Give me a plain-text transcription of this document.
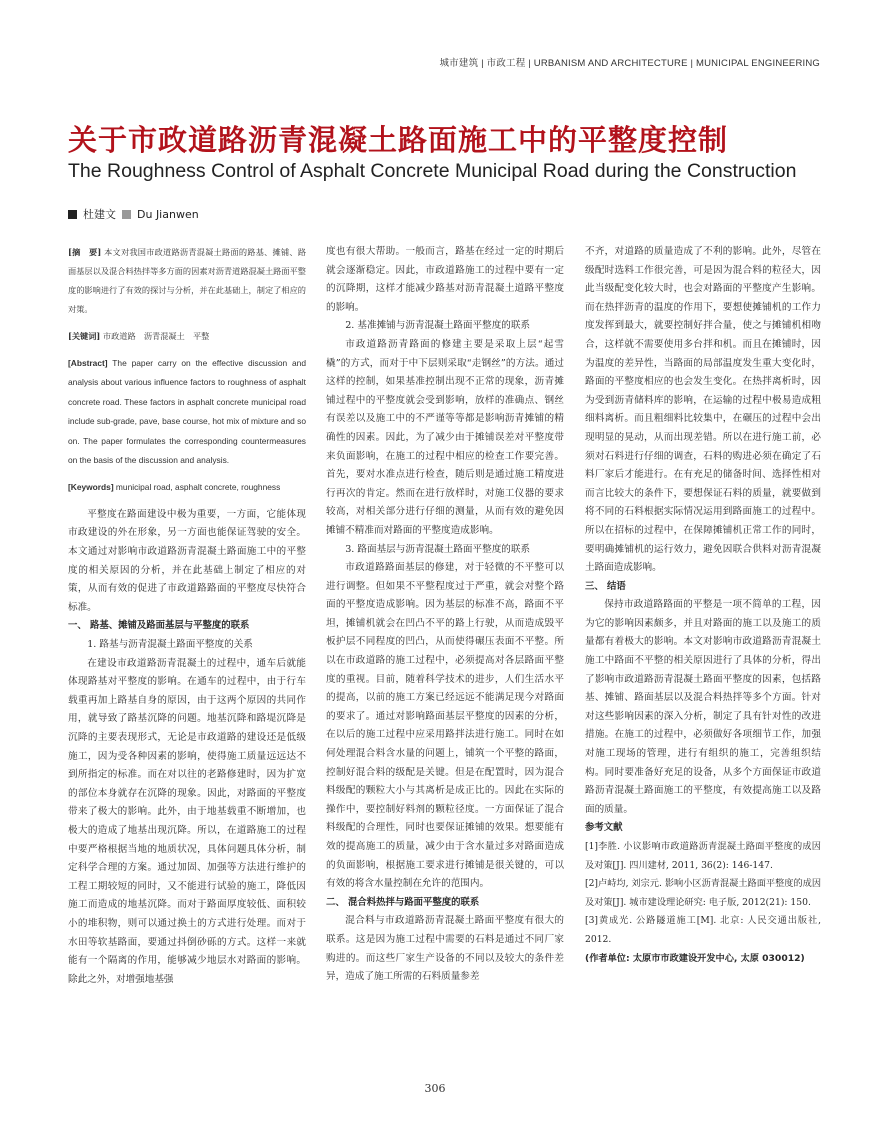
城市建筑 | 市政工程 | URBANISM AND ARCHITECTURE | MUNICIPAL ENGINEERING
关于市政道路沥青混凝土路面施工中的平整度控制
The Roughness Control of Asphalt Concrete Municipal Road during the Construction
杜建文 Du Jianwen

[摘　要] 本文对我国市政道路沥青混凝土路面的路基、摊铺、路面基层以及混合料热拌等多方面的因素对沥青道路混凝土路面平整度的影响进行了有效的探讨与分析，并在此基础上，制定了相应的对策。

[关键词] 市政道路　沥青混凝土　平整

[Abstract] The paper carry on the effective discussion and analysis about various influence factors to roughness of asphalt concrete road. These factors in asphalt concrete municipal road include sub-grade, pave, base course, hot mix of mixture and so on. The paper formulates the corresponding countermeasures on the basis of the discussion and analysis.

[Keywords] municipal road, asphalt concrete, roughness

平整度在路面建设中极为重要，一方面，它能体现市政建设的外在形象，另一方面也能保证驾驶的安全。本文通过对影响市政道路沥青混凝土路面施工中的平整度的相关原因的分析，并在此基础上制定了相应的对策，从而有效的促进了市政道路路面的平整度尽快符合标准。

一、 路基、摊铺及路面基层与平整度的联系

1. 路基与沥青混凝土路面平整度的关系

在建设市政道路沥青混凝土的过程中，通车后就能体现路基对平整度的影响。在通车的过程中，由于行车载重再加上路基自身的原因，由于这两个原因的共同作用，就导致了路基沉降的问题。地基沉降和路堤沉降是沉降的主要表现形式，无论是市政道路的建设还是低级施工，因为受各种因素的影响，使得施工质量远远达不到所指定的标准。而在对以往的老路修建时，因为扩宽的部位本身就存在沉降的现象。因此，对路面的平整度带来了极大的影响。此外，由于地基载重不断增加，也极大的造成了地基出现沉降。所以，在道路施工的过程中要严格根据当地的地质状况，具体问题具体分析，制定科学合理的方案。通过加固、加强等方法进行维护的工程工期较短的同时，又不能进行试验的施工，降低因施工而造成的地基沉降。而对于路面厚度较低、面积较小的堆积物，则可以通过换土的方式进行处理。而对于水田等软基路面，要通过抖倒砂砾的方式。这样一来就能有一个隔离的作用，能够减少地层水对路面的影响。除此之外，对增强地基强

度也有很大帮助。一般而言，路基在经过一定的时期后就会逐渐稳定。因此，市政道路施工的过程中要有一定的沉降期，这样才能减少路基对沥青混凝土道路平整度的影响。

2. 基准摊铺与沥青混凝土路面平整度的联系

市政道路沥青路面的修建主要是采取上层“起雪橇”的方式，而对于中下层则采取“走钢丝”的方法。通过这样的控制，如果基准控制出现不正常的现象，沥青摊铺过程中的平整度就会受到影响，放样的准确点、钢丝有误差以及施工中的不严谨等等都是影响沥青摊铺的精确性的因素。因此，为了减少由于摊铺误差对平整度带来负面影响，在施工的过程中相应的检查工作要完善。首先，要对水准点进行检查，随后则是通过施工精度进行再次的肯定。然而在进行放样时，对施工仪器的要求较高，对相关部分进行仔细的测量，从而有效的避免因摊铺不精准而对路面的平整度造成影响。

3. 路面基层与沥青混凝土路面平整度的联系

市政道路路面基层的修建，对于轻微的不平整可以进行调整。但如果不平整程度过于严重，就会对整个路面的平整度造成影响。因为基层的标准不高，路面不平坦，摊铺机就会在凹凸不平的路上行驶，从而造成毁平板护层不同程度的凹凸，从而使得碾压表面不平整。所以在市政道路的施工过程中，必须提高对各层路面平整度的重视。目前，随着科学技术的进步，人们生活水平的提高，以前的施工方案已经远远不能满足现今对路面的要求了。通过对影响路面基层平整度的因素的分析，在以后的施工过程中应采用路拌法进行施工。同时在如何处理混合料含水量的问题上，铺筑一个平整的路面，控制好混合料的级配是关键。但是在配置时，因为混合料级配的颗粒大小与其离析是成正比的。因此在实际的操作中，要控制好料剂的颗粒径度。一方面保证了混合料级配的合理性，同时也要保证摊铺的效果。想要能有效的提高施工的质量，减少由于含水量过多对路面造成的负面影响，根据施工要求进行摊铺是很关键的，可以有效的将含水量控制在允许的范围内。

二、 混合料热拌与路面平整度的联系

混合料与市政道路沥青混凝土路面平整度有很大的联系。这是因为施工过程中需要的石料是通过不同厂家购进的。而这些厂家生产设备的不同以及较大的条件差异，造成了施工所需的石料质量参差

不齐，对道路的质量造成了不利的影响。此外，尽管在级配时选料工作很完善，可是因为混合料的粒径大，因此当级配变化较大时，也会对路面的平整度产生影响。而在热拌沥青的温度的作用下，要想使摊铺机的工作力度发挥到最大，就要控制好拌合量，使之与摊铺机相吻合，这样就不需要使用多台拌和机。而且在摊铺时，因为温度的差异性，当路面的局部温度发生重大变化时，路面的平整度相应的也会发生变化。在热拌离析时，因为受到沥青储料库的影响，在运输的过程中极易造成粗细料离析。而且粗细料比较集中，在碾压的过程中会出现明显的晃动，从而出现差错。所以在进行施工前，必须对石料进行仔细的调查，石料的购进必须在确定了石料厂家后才能进行。在有充足的储备时间、选择性相对而言比较大的条件下，要想保证石料的质量，就要做到将不同的石料根据实际情况运用到路面施工的过程中。所以在招标的过程中，在保障摊铺机正常工作的同时，要明确摊铺机的运行效力，避免因联合供料对沥青混凝土路面造成影响。

三、 结语

保持市政道路路面的平整是一项不简单的工程，因为它的影响因素颇多，并且对路面的施工以及施工的质量都有着极大的影响。本文对影响市政道路沥青混凝土施工中路面不平整的相关原因进行了具体的分析，得出了影响市政道路沥青混凝土路面平整度的因素，包括路基、摊铺、路面基层以及混合料热拌等多个方面。针对对这些影响因素的深入分析，制定了具有针对性的改进措施。在施工的过程中，必须做好各项细节工作，加强对施工现场的管理，进行有组织的施工，完善组织结构。同时要准备好充足的设备，从多个方面保证市政道路沥青混凝土路面施工的平整度，有效提高施工以及路面的质量。

参考文献

[1]李胜. 小议影响市政道路沥青混凝土路面平整度的成因及对策[J]. 四川建材, 2011, 36(2): 146-147.

[2]卢峙均, 刘宗元. 影响小区沥青混凝土路面平整度的成因及对策[J]. 城市建设理论研究: 电子版, 2012(21): 150.

[3]黄成光. 公路隧道施工[M]. 北京: 人民交通出版社, 2012.

(作者单位: 太原市市政建设开发中心, 太原 030012)

306
